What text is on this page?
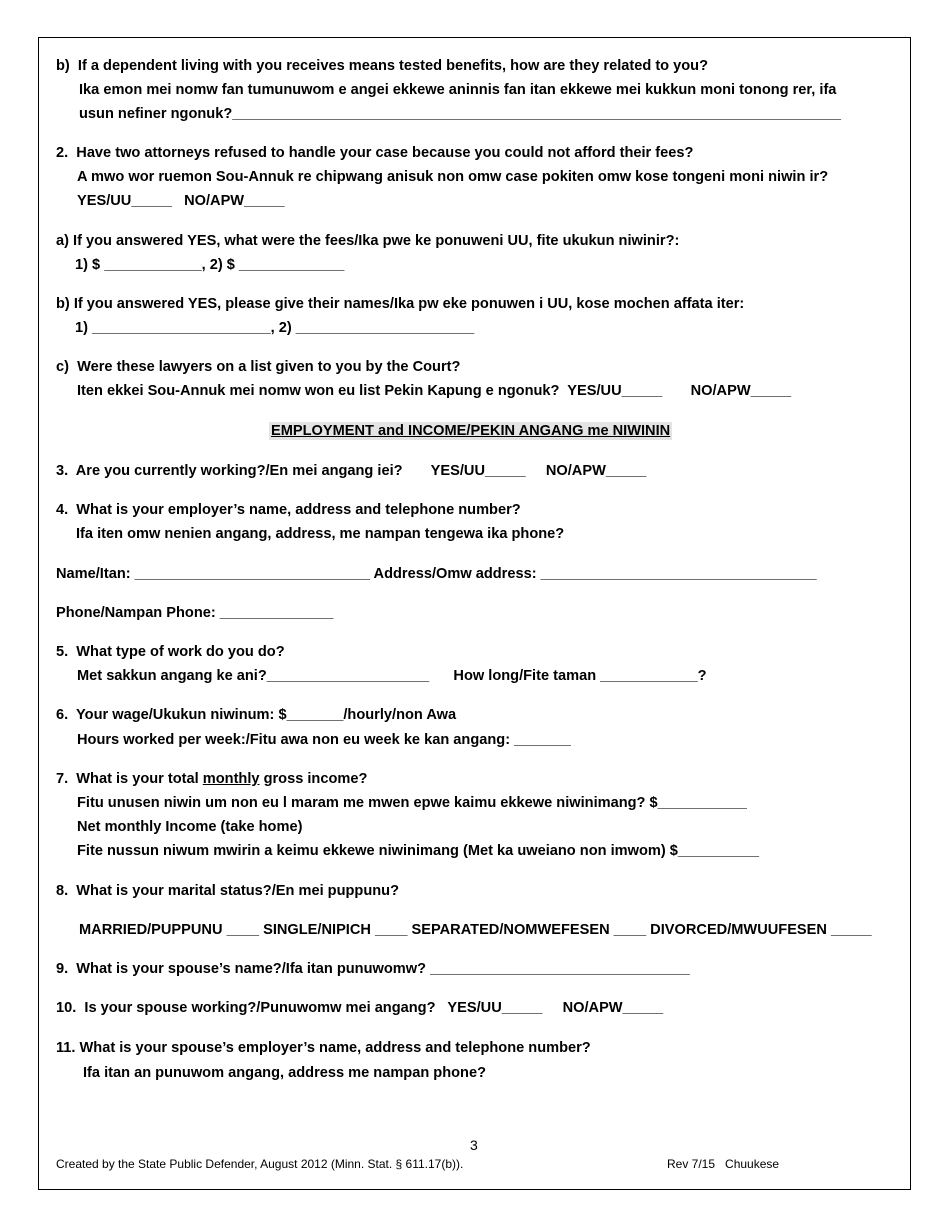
b)  If a dependent living with you receives means tested benefits, how are they related to you?
Ika emon mei nomw fan tumunuwom e angei ekkewe aninnis fan itan ekkewe mei kukkun moni tonong rer, ifa
usun nefiner ngonuk?___________________________________________________________________________
2.  Have two attorneys refused to handle your case because you could not afford their fees?
A mwo wor ruemon Sou-Annuk re chipwang anisuk non omw case pokiten omw kose tongeni moni niwin ir?
YES/UU_____   NO/APW_____
a) If you answered YES, what were the fees/Ika pwe ke ponuweni UU, fite ukukun niwinir?:
1) $ ____________, 2) $ _____________
b) If you answered YES, please give their names/Ika pw eke ponuwen i UU, kose mochen affata iter:
1) ______________________, 2) ______________________
c)  Were these lawyers on a list given to you by the Court?
Iten ekkei Sou-Annuk mei nomw won eu list Pekin Kapung e ngonuk?  YES/UU_____       NO/APW_____
EMPLOYMENT and INCOME/PEKIN ANGANG me NIWININ
3.  Are you currently working?/En mei angang iei?       YES/UU_____     NO/APW_____
4.  What is your employer’s name, address and telephone number?
Ifa iten omw nenien angang, address, me nampan tengewa ika phone?
Name/Itan: _____________________________ Address/Omw address: __________________________________
Phone/Nampan Phone: ______________
5.  What type of work do you do?
Met sakkun angang ke ani?____________________      How long/Fite taman ____________?
6.  Your wage/Ukukun niwinum: $_______/hourly/non Awa
Hours worked per week:/Fitu awa non eu week ke kan angang: _______
7.  What is your total monthly gross income?
Fitu unusen niwin um non eu l maram me mwen epwe kaimu ekkewe niwinimang? $___________
Net monthly Income (take home)
Fite nussun niwum mwirin a keimu ekkewe niwinimang (Met ka uweiano non imwom) $__________
8.  What is your marital status?/En mei puppunu?
MARRIED/PUPPUNU ____ SINGLE/NIPICH ____ SEPARATED/NOMWEFESEN ____ DIVORCED/MWUUFESEN _____
9.  What is your spouse’s name?/Ifa itan punuwomw? ________________________________
10.  Is your spouse working?/Punuwomw mei angang?   YES/UU_____     NO/APW_____
11. What is your spouse’s employer’s name, address and telephone number?
Ifa itan an punuwom angang, address me nampan phone?
3
Created by the State Public Defender, August 2012 (Minn. Stat. § 611.17(b)).	Rev 7/15   Chuukese
